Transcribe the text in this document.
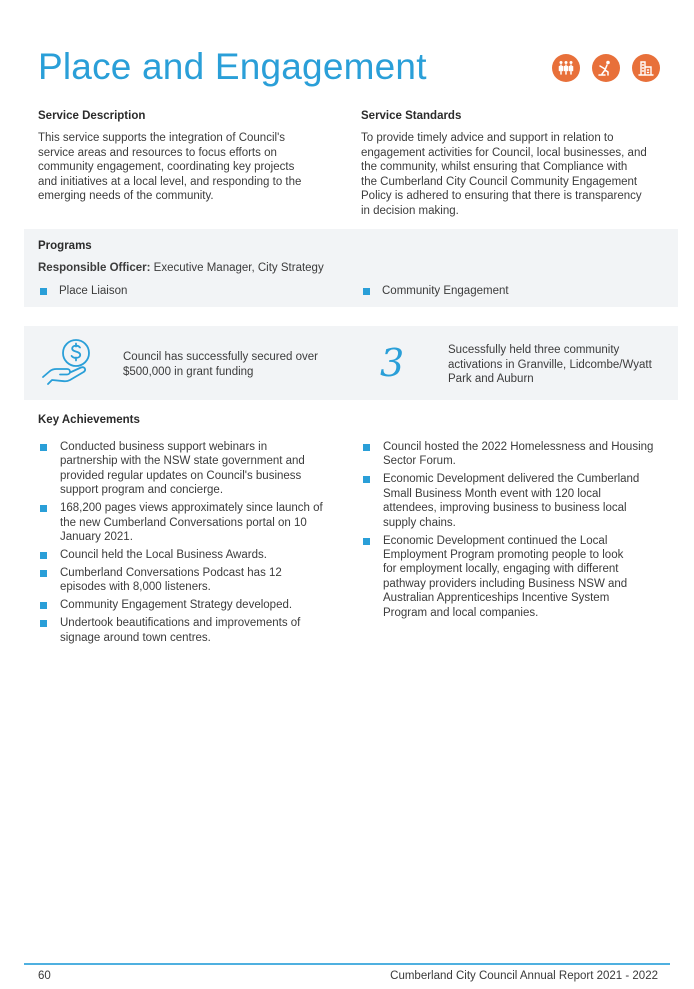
Place and Engagement
Service Description
This service supports the integration of Council's
service areas and resources to focus efforts on
community engagement, coordinating key projects
and initiatives at a local level, and responding to the
emerging needs of the community.
Service Standards
To provide timely advice and support in relation to
engagement activities for Council, local businesses, and
the community, whilst ensuring that Compliance with
the Cumberland City Council Community Engagement
Policy is adhered to ensuring that there is transparency
in decision making.
Programs
Responsible Officer: Executive Manager, City Strategy
Place Liaison	Community Engagement
Council has successfully secured over
$500,000 in grant funding	3	Sucessfully held three community
activations in Granville, Lidcombe/Wyatt
Park and Auburn
Key Achievements
Conducted business support webinars in
partnership with the NSW state government and
provided regular updates on Council's business
support program and concierge.
168,200 pages views approximately since launch of
the new Cumberland Conversations portal on 10
January 2021.
Council held the Local Business Awards.
Cumberland Conversations Podcast has 12
episodes with 8,000 listeners.
Community Engagement Strategy developed.
Undertook beautifications and improvements of
signage around town centres.
Council hosted the 2022 Homelessness and Housing
Sector Forum.
Economic Development delivered the Cumberland
Small Business Month event with 120 local
attendees, improving business to business local
supply chains.
Economic Development continued the Local
Employment Program promoting people to look
for employment locally, engaging with different
pathway providers including Business NSW and
Australian Apprenticeships Incentive System
Program and local companies.
60	Cumberland City Council Annual Report 2021 - 2022
